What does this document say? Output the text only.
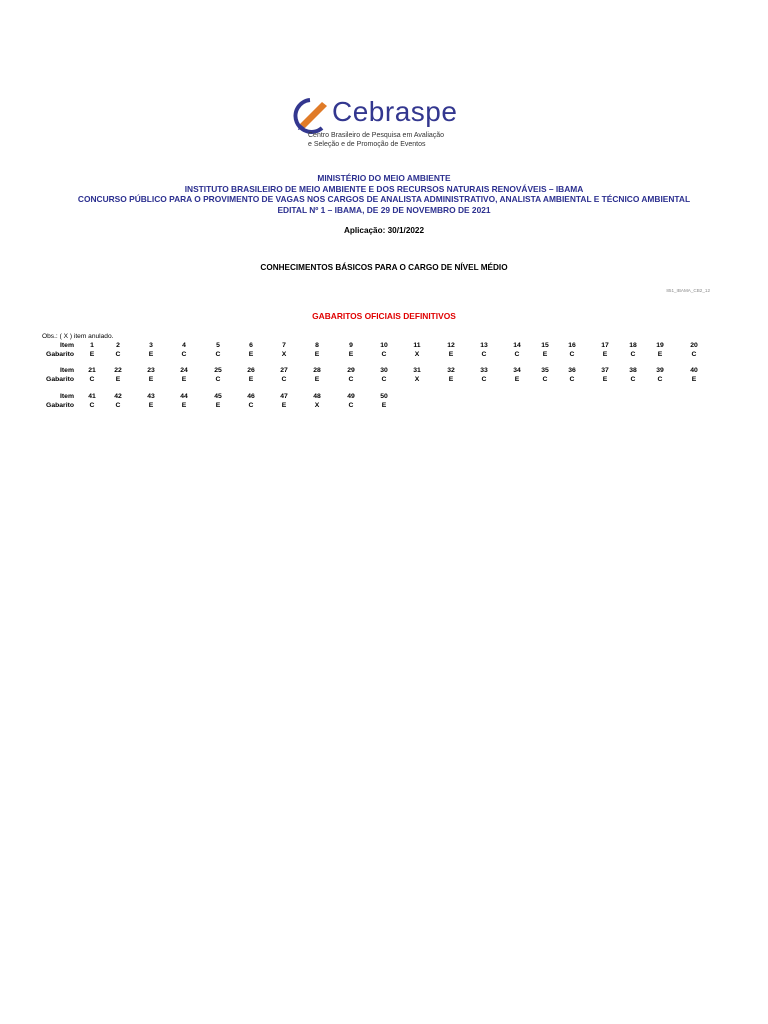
Cebraspe
Centro Brasileiro de Pesquisa em Avaliação
e Seleção e de Promoção de Eventos
MINISTÉRIO DO MEIO AMBIENTE
INSTITUTO BRASILEIRO DE MEIO AMBIENTE E DOS RECURSOS NATURAIS RENOVÁVEIS – IBAMA
CONCURSO PÚBLICO PARA O PROVIMENTO DE VAGAS NOS CARGOS DE ANALISTA ADMINISTRATIVO, ANALISTA AMBIENTAL E TÉCNICO AMBIENTAL
EDITAL Nº 1 – IBAMA, DE 29 DE NOVEMBRO DE 2021
Aplicação: 30/1/2022
CONHECIMENTOS BÁSICOS PARA O CARGO DE NÍVEL MÉDIO
851_IBAMA_CB2_12
GABARITOS OFICIAIS DEFINITIVOS
Obs.: ( X ) item anulado.
Item
Gabarito
1
E
2
C
3
E
4
C
5
C
6
E
7
X
8
E
9
E
10
C
11
X
12
E
13
C
14
C
15
E
16
C
17
E
18
C
19
E
20
C
Item
Gabarito
21
C
22
E
23
E
24
E
25
C
26
E
27
C
28
E
29
C
30
C
31
X
32
E
33
C
34
E
35
C
36
C
37
E
38
C
39
C
40
E
Item
Gabarito
41
C
42
C
43
E
44
E
45
E
46
C
47
E
48
X
49
C
50
E
